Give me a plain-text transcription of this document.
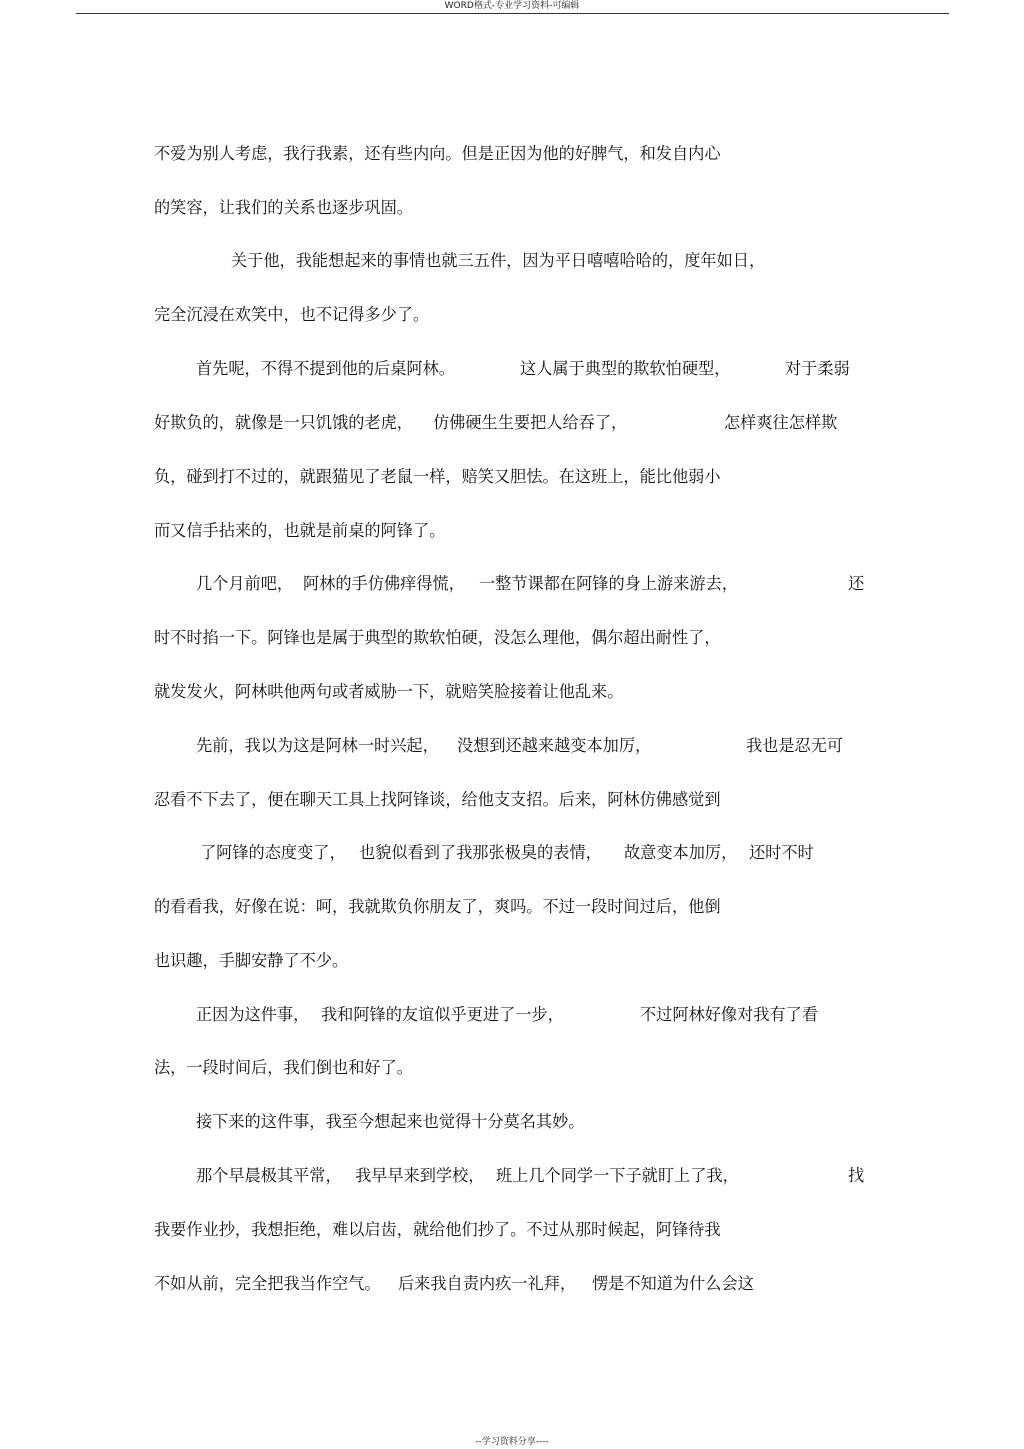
WORD格式-专业学习资料-可编辑

不爱为别人考虑，我行我素，还有些内向。但是正因为他的好脾气，和发自内心

的笑容，让我们的关系也逐步巩固。

关于他，我能想起来的事情也就三五件，因为平日嘻嘻哈哈的，度年如日，

完全沉浸在欢笑中，也不记得多少了。

首先呢，不得不提到他的后桌阿林。

	这人属于典型的欺软怕硬型，

	对于柔弱

好欺负的，就像是一只饥饿的老虎，

仿佛硬生生要把人给吞了，

	怎样爽往怎样欺

负，碰到打不过的，就跟猫见了老鼠一样，赔笑又胆怯。在这班上，能比他弱小

而又信手拈来的，也就是前桌的阿锋了。

几个月前吧，

阿林的手仿佛痒得慌，

一整节课都在阿锋的身上游来游去，

	还

时不时掐一下。阿锋也是属于典型的欺软怕硬，没怎么理他，偶尔超出耐性了，

就发发火，阿林哄他两句或者威胁一下，就赔笑脸接着让他乱来。

先前，我以为这是阿林一时兴起，

没想到还越来越变本加厉，

	我也是忍无可

忍看不下去了，便在聊天工具上找阿锋谈，给他支支招。后来，阿林仿佛感觉到

了阿锋的态度变了，

也貌似看到了我那张极臭的表情，

故意变本加厉，

还时不时

的看看我，好像在说：呵，我就欺负你朋友了，爽吗。不过一段时间过后，他倒

也识趣，手脚安静了不少。

正因为这件事，

我和阿锋的友谊似乎更进了一步，

	不过阿林好像对我有了看

法，一段时间后，我们倒也和好了。

接下来的这件事，我至今想起来也觉得十分莫名其妙。

那个早晨极其平常，

我早早来到学校，

班上几个同学一下子就盯上了我，

	找

我要作业抄，我想拒绝，难以启齿，就给他们抄了。不过从那时候起，阿锋待我

不如从前，完全把我当作空气。

后来我自责内疚一礼拜，

愣是不知道为什么会这

--学习资料分享----
